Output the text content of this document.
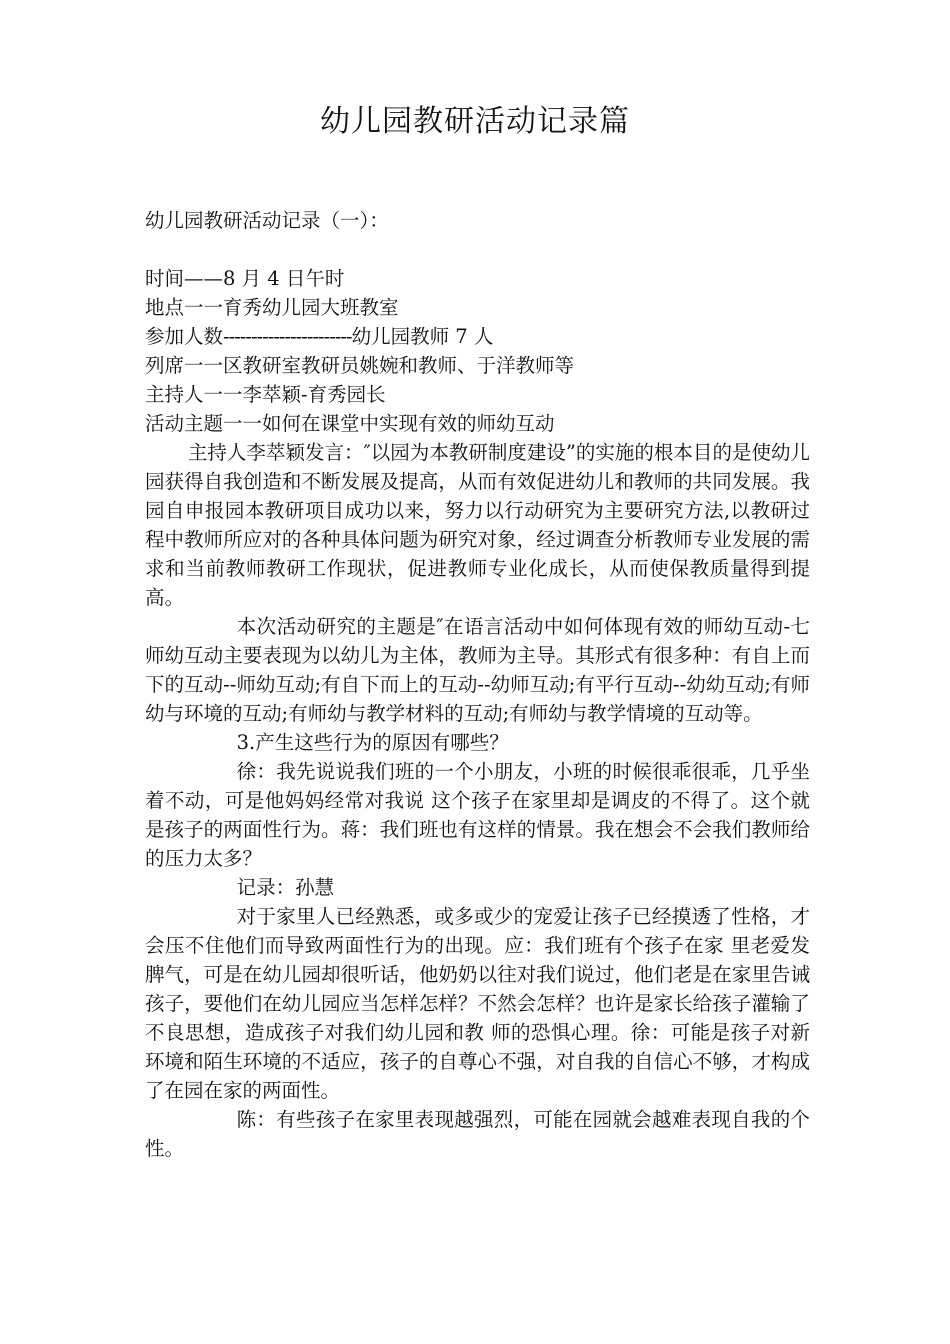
幼儿园教研活动记录篇

幼儿园教研活动记录（一）：

时间——8 月 4 日午时

地点一一育秀幼儿园大班教室

参加人数-----------------------幼儿园教师 7 人

列席一一区教研室教研员姚婉和教师、于洋教师等

主持人一一李萃颖-育秀园长

活动主题一一如何在课堂中实现有效的师幼互动

主持人李萃颖发言：″以园为本教研制度建设”的实施的根本目的是使幼儿园获得自我创造和不断发展及提高，从而有效促进幼儿和教师的共同发展。我园自申报园本教研项目成功以来，努力以行动研究为主要研究方法,以教研过程中教师所应对的各种具体问题为研究对象，经过调查分析教师专业发展的需求和当前教师教研工作现状，促进教师专业化成长，从而使保教质量得到提高。

本次活动研究的主题是″在语言活动中如何体现有效的师幼互动-七师幼互动主要表现为以幼儿为主体，教师为主导。其形式有很多种：有自上而下的互动--师幼互动;有自下而上的互动--幼师互动;有平行互动--幼幼互动;有师幼与环境的互动;有师幼与教学材料的互动;有师幼与教学情境的互动等。

3.产生这些行为的原因有哪些？

徐：我先说说我们班的一个小朋友，小班的时候很乖很乖，几乎坐着不动，可是他妈妈经常对我说 这个孩子在家里却是调皮的不得了。这个就是孩子的两面性行为。蒋：我们班也有这样的情景。我在想会不会我们教师给的压力太多？

记录：孙慧

对于家里人已经熟悉，或多或少的宠爱让孩子已经摸透了性格，才会压不住他们而导致两面性行为的出现。应：我们班有个孩子在家 里老爱发脾气，可是在幼儿园却很听话，他奶奶以往对我们说过，他们老是在家里告诫孩子，要他们在幼儿园应当怎样怎样？不然会怎样？也许是家长给孩子灌输了不良思想，造成孩子对我们幼儿园和教 师的恐惧心理。徐：可能是孩子对新环境和陌生环境的不适应，孩子的自尊心不强，对自我的自信心不够，才构成了在园在家的两面性。

陈：有些孩子在家里表现越强烈，可能在园就会越难表现自我的个性。
